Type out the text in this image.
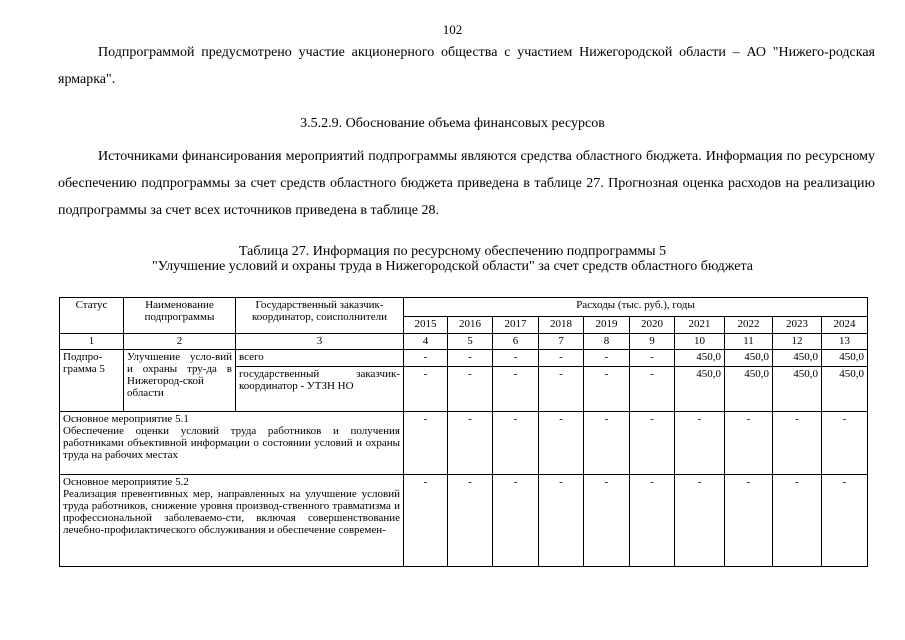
102

Подпрограммой предусмотрено участие акционерного общества с участием Нижегородской области – АО "Нижего-родская ярмарка".

3.5.2.9. Обоснование объема финансовых ресурсов

Источниками финансирования мероприятий подпрограммы являются средства областного бюджета. Информация по ресурсному обеспечению подпрограммы за счет средств областного бюджета приведена в таблице 27. Прогнозная оценка расходов на реализацию подпрограммы за счет всех источников приведена в таблице 28.

Таблица 27. Информация по ресурсному обеспечению подпрограммы 5
"Улучшение условий и охраны труда в Нижегородской области" за счет средств областного бюджета
Статус	Наименование подпрограммы	Государственный заказчик-координатор, соисполнители	Расходы (тыс. руб.), годы									
			2015	2016	2017	2018	2019	2020	2021	2022	2023	2024
1	2	3	4	5	6	7	8	9	10	11	12	13
Подпро-грамма 5	Улучшение усло-вий и охраны тру-да в Нижегород-ской области	всего	-	-	-	-	-	-	450,0	450,0	450,0	450,0
		государственный заказчик-координатор - УТЗН НО	-	-	-	-	-	-	450,0	450,0	450,0	450,0

Основное мероприятие 5.1
Обеспечение оценки условий труда работников и получения работниками объективной информации о состоянии условий и охраны труда на рабочих местах			-	-	-	-	-	-	-	-	-	-

Основное мероприятие 5.2
Реализация превентивных мер, направленных на улучшение условий труда работников, снижение уровня производ-ственного травматизма и профессиональной заболеваемо-сти, включая совершенствование лечебно-профилактического обслуживания и обеспечение современ-			-	-	-	-	-	-	-	-	-	-
